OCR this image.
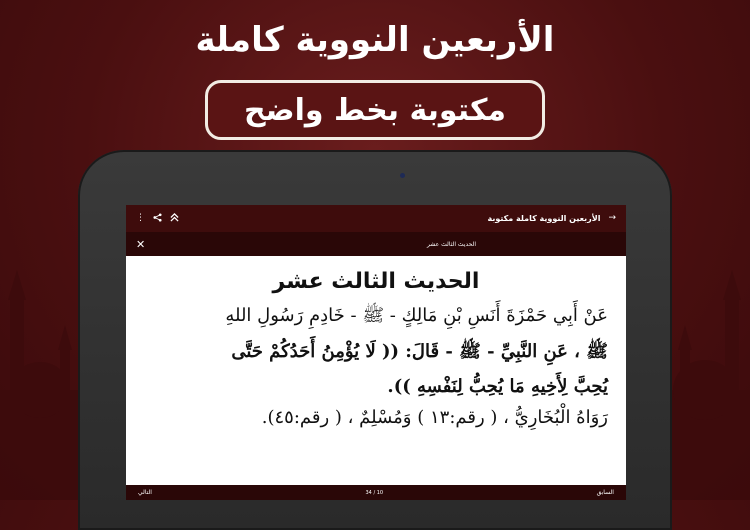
الأربعين النووية كاملة
مكتوبة بخط واضح
⋮	→
الأربعين النووية كاملة مكتوبة
✕	الحديث الثالث عشر
الحديث الثالث عشر
عَنْ أَبِي حَمْزَةَ أَنَسِ بْنِ مَالِكٍ - ﷺ - خَادِمِ رَسُولِ اللهِ
ﷺ ، عَنِ النَّبِيِّ - ﷺ - قَالَ: (( لَا يُؤْمِنُ أَحَدُكُمْ حَتَّى
يُحِبَّ لِأَخِيهِ مَا يُحِبُّ لِنَفْسِهِ )).
رَوَاهُ الْبُخَارِيُّ ، ( رقم:١٣ ) وَمُسْلِمٌ ، ( رقم:٤٥).
التالي	34 / 10	السابق
